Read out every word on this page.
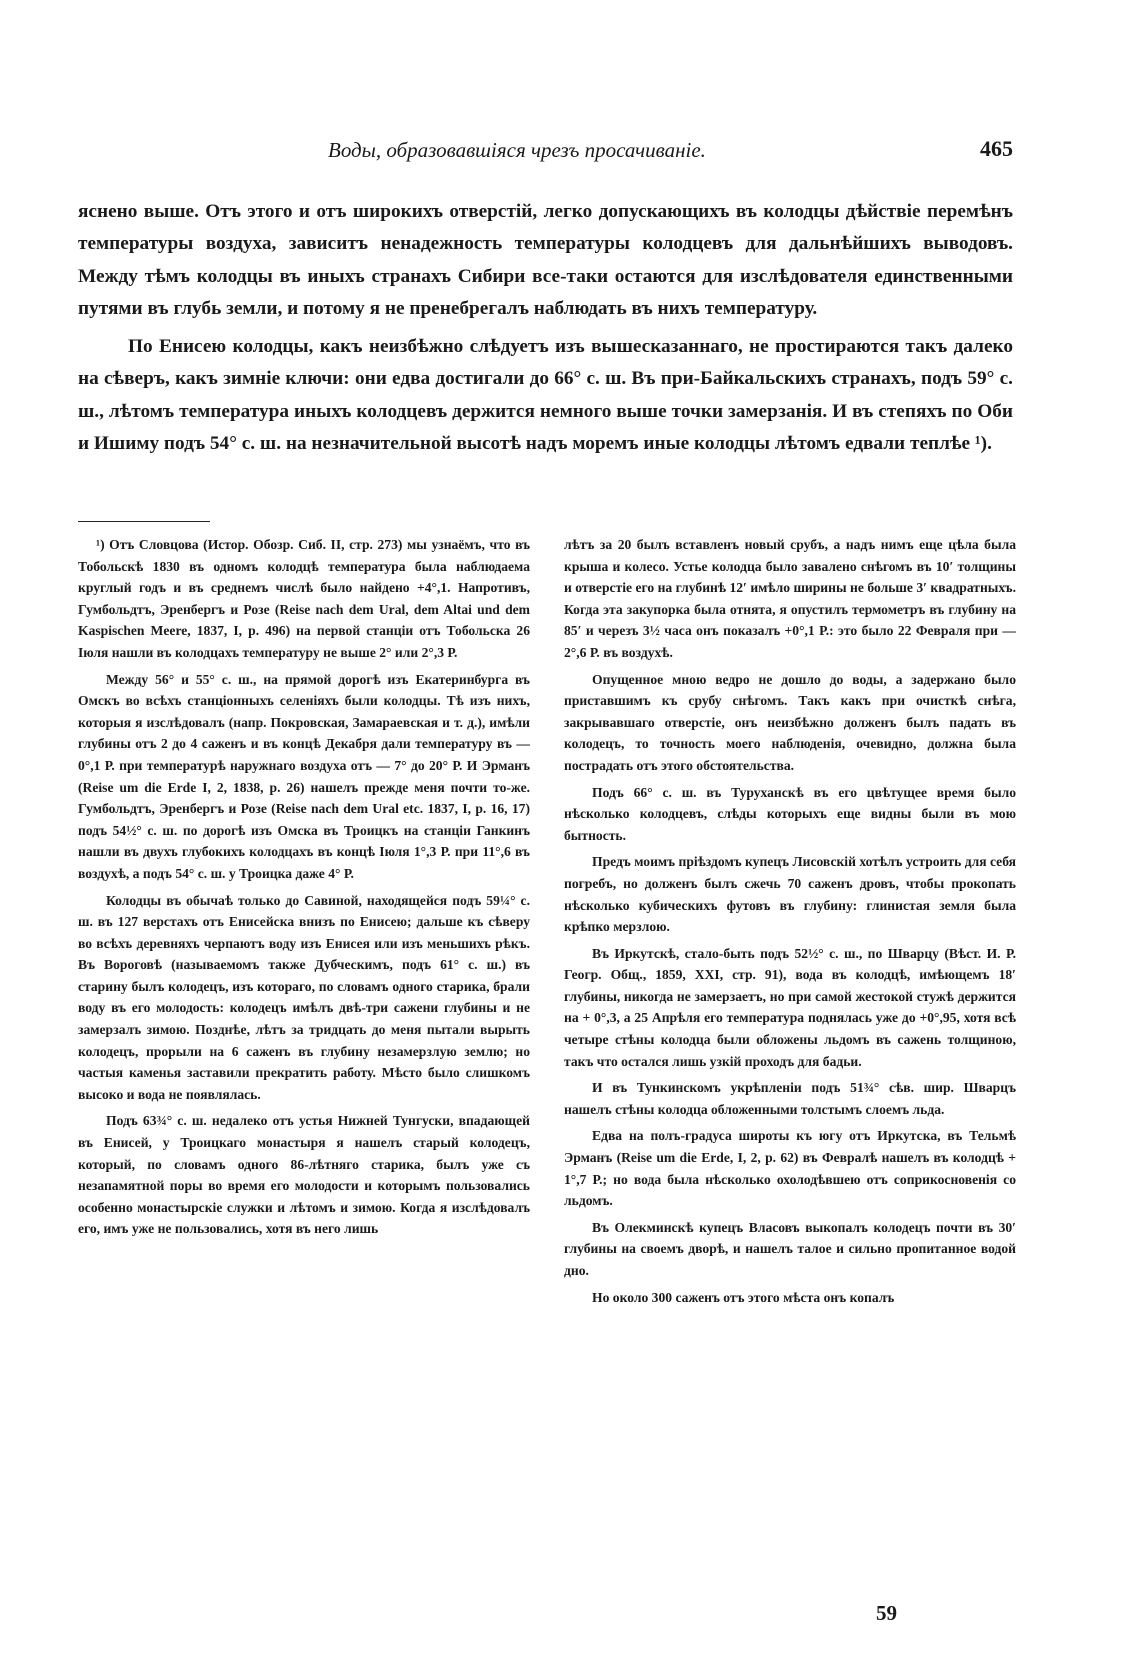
Воды, образовавшіяся чрезъ просачиваніе.	465

ясненo выше. Отъ этого и отъ широкихъ отверстій, легко допускающихъ въ колодцы дѣйствіе перемѣнъ температуры воздуха, зависитъ ненадежность температуры колодцевъ для дальнѣйшихъ выводовъ. Между тѣмъ колодцы въ иныхъ странахъ Сибири все-таки остаются для изслѣдователя единственными путями въ глубь земли, и потому я не пренебрегалъ наблюдать въ нихъ температуру.

По Енисею колодцы, какъ неизбѣжно слѣдуетъ изъ вышесказаннаго, не простираются такъ далеко на сѣверъ, какъ зимніе ключи: они едва достигали до 66° с. ш. Въ при-Байкальскихъ странахъ, подъ 59° с. ш., лѣтомъ температура иныхъ колодцевъ держится немного выше точки замерзанія. И въ степяхъ по Оби и Ишиму подъ 54° с. ш. на незначительной высотѣ надъ моремъ иные колодцы лѣтомъ едвали теплѣе ¹).

¹) Отъ Словцова (Истор. Обозр. Сиб. II, стр. 273) мы узнаёмъ, что въ Тобольскѣ 1830 въ одномъ колодцѣ температура была наблюдаема круглый годъ и въ среднемъ числѣ было найдено +4°,1. Напротивъ, Гумбольдтъ, Эренбергъ и Розе (Reise nach dem Ural, dem Altai und dem Kaspischen Meere, 1837, I, p. 496) на первой станціи отъ Тобольска 26 Іюля нашли въ колодцахъ температуру не выше 2° или 2°,3 Р.

Между 56° и 55° с. ш., на прямой дорогѣ изъ Екатеринбурга въ Омскъ во всѣхъ станціонныхъ селеніяхъ были колодцы. Тѣ изъ нихъ, которыя я изслѣдовалъ (напр. Покровская, Замараевская и т. д.), имѣли глубины отъ 2 до 4 саженъ и въ концѣ Декабря дали температуру въ — 0°,1 Р. при температурѣ наружнаго воздуха отъ — 7° до 20° Р. И Эрманъ (Reise um die Erde I, 2, 1838, p. 26) нашелъ прежде меня почти то-же. Гумбольдтъ, Эренбергъ и Розе (Reise nach dem Ural etc. 1837, I, p. 16, 17) подъ 54½° с. ш. по дорогѣ изъ Омска въ Троицкъ на станціи Ганкинъ нашли въ двухъ глубокихъ колодцахъ въ концѣ Іюля 1°,3 Р. при 11°,6 въ воздухѣ, а подъ 54° с. ш. у Троицка даже 4° Р.

Колодцы въ обычаѣ только до Савиной, находящейся подъ 59¼° с. ш. въ 127 верстахъ отъ Енисейска внизъ по Енисею; дальше къ сѣверу во всѣхъ деревняхъ черпаютъ воду изъ Енисея или изъ меньшихъ рѣкъ. Въ Вороговѣ (называемомъ также Дубческимъ, подъ 61° с. ш.) въ старину былъ колодецъ, изъ котораго, по словамъ одного старика, брали воду въ его молодость: колодецъ имѣлъ двѣ-три сажени глубины и не замерзалъ зимою. Позднѣе, лѣтъ за тридцать до меня пытали вырыть колодецъ, прорыли на 6 саженъ въ глубину незамерзлую землю; но частыя каменья заставили прекратить работу. Мѣсто было слишкомъ высоко и вода не появлялась.

Подъ 63¾° с. ш. недалеко отъ устья Нижней Тунгуски, впадающей въ Енисей, у Троицкаго монастыря я нашелъ старый колодецъ, который, по словамъ одного 86-лѣтняго старика, былъ уже съ незапамятной поры во время его молодости и которымъ пользовались особенно монастырскіе служки и лѣтомъ и зимою. Когда я изслѣдовалъ его, имъ уже не пользовались, хотя въ него лишь

лѣтъ за 20 былъ вставленъ новый срубъ, а надъ нимъ еще цѣла была крыша и колесо. Устье колодца было завалено снѣгомъ въ 10′ толщины и отверстіе его на глубинѣ 12′ имѣло ширины не больше 3′ квадратныхъ. Когда эта закупорка была отнята, я опустилъ термометръ въ глубину на 85′ и черезъ 3½ часа онъ показалъ +0°,1 Р.: это было 22 Февраля при —2°,6 Р. въ воздухѣ.

Опущенное мною ведро не дошло до воды, а задержано было приставшимъ къ срубу снѣгомъ. Такъ какъ при очисткѣ снѣга, закрывавшаго отверстіе, онъ неизбѣжно долженъ былъ падать въ колодецъ, то точность моего наблюденія, очевидно, должна была пострадать отъ этого обстоятельства.

Подъ 66° с. ш. въ Туруханскѣ въ его цвѣтущее время было нѣсколько колодцевъ, слѣды которыхъ еще видны были въ мою бытность.

Предъ моимъ пріѣздомъ купецъ Лисовскій хотѣлъ устроить для себя погребъ, но долженъ былъ сжечь 70 саженъ дровъ, чтобы прокопать нѣсколько кубическихъ футовъ въ глубину: глинистая земля была крѣпко мерзлою.

Въ Иркутскѣ, стало-быть подъ 52½° с. ш., по Шварцу (Вѣст. И. Р. Геогр. Общ., 1859, XXI, стр. 91), вода въ колодцѣ, имѣющемъ 18′ глубины, никогда не замерзаетъ, но при самой жестокой стужѣ держится на + 0°,3, а 25 Апрѣля его температура поднялась уже до +0°,95, хотя всѣ четыре стѣны колодца были обложены льдомъ въ сажень толщиною, такъ что остался лишь узкій проходъ для бадьи.

И въ Тункинскомъ укрѣпленіи подъ 51¾° сѣв. шир. Шварцъ нашелъ стѣны колодца обложенными толстымъ слоемъ льда.

Едва на полъ-градуса широты къ югу отъ Иркутска, въ Тельмѣ Эрманъ (Reise um die Erde, I, 2, p. 62) въ Февралѣ нашелъ въ колодцѣ + 1°,7 Р.; но вода была нѣсколько охолодѣвшею отъ соприкосновенія со льдомъ.

Въ Олекминскѣ купецъ Власовъ выкопалъ колодецъ почти въ 30′ глубины на своемъ дворѣ, и нашелъ талое и сильно пропитанное водой дно.

Но около 300 саженъ отъ этого мѣста онъ копалъ

59
